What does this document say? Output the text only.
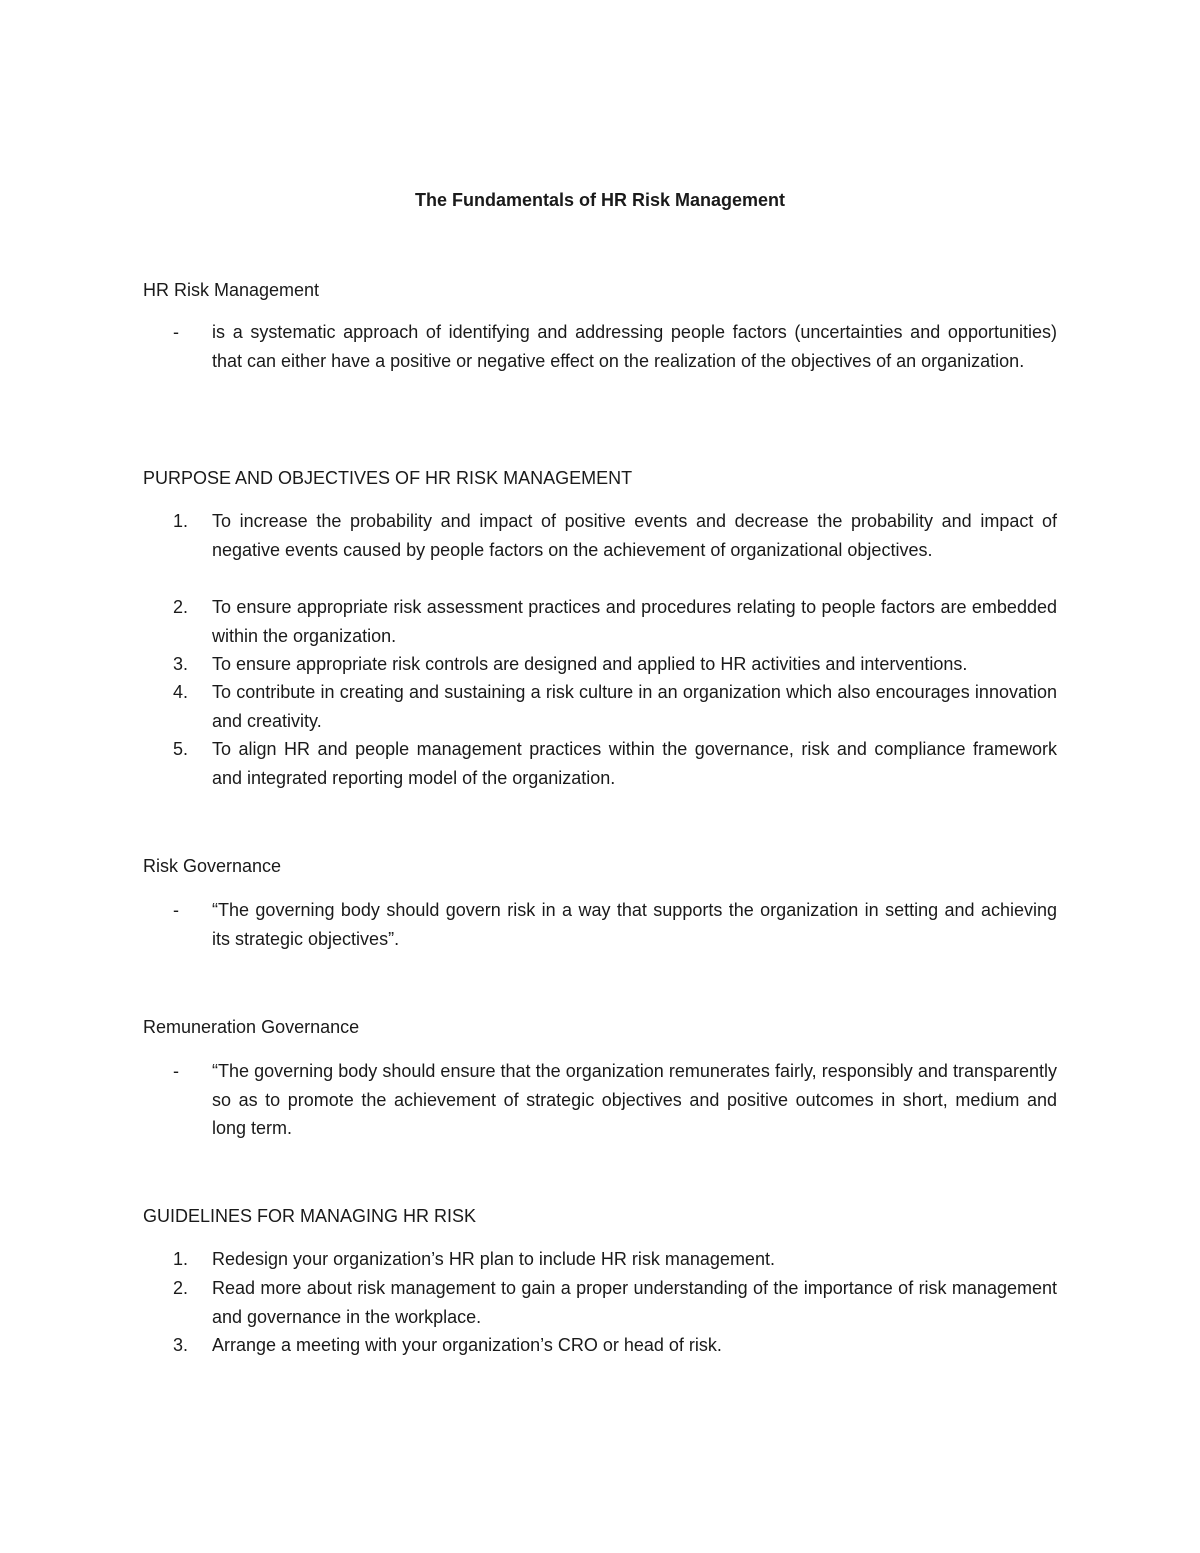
The Fundamentals of HR Risk Management
HR Risk Management
-	is a systematic approach of identifying and addressing people factors (uncertainties and opportunities) that can either have a positive or negative effect on the realization of the objectives of an organization.
PURPOSE AND OBJECTIVES OF HR RISK MANAGEMENT
1.	To increase the probability and impact of positive events and decrease the probability and impact of negative events caused by people factors on the achievement of organizational objectives.
2.	To ensure appropriate risk assessment practices and procedures relating to people factors are embedded within the organization.
3.	To ensure appropriate risk controls are designed and applied to HR activities and interventions.
4.	To contribute in creating and sustaining a risk culture in an organization which also encourages innovation and creativity.
5.	To align HR and people management practices within the governance, risk and compliance framework and integrated reporting model of the organization.
Risk Governance
-	“The governing body should govern risk in a way that supports the organization in setting and achieving its strategic objectives”.
Remuneration Governance
-	“The governing body should ensure that the organization remunerates fairly, responsibly and transparently so as to promote the achievement of strategic objectives and positive outcomes in short, medium and long term.
GUIDELINES FOR MANAGING HR RISK
1.	Redesign your organization’s HR plan to include HR risk management.
2.	Read more about risk management to gain a proper understanding of the importance of risk management and governance in the workplace.
3.	Arrange a meeting with your organization’s CRO or head of risk.
